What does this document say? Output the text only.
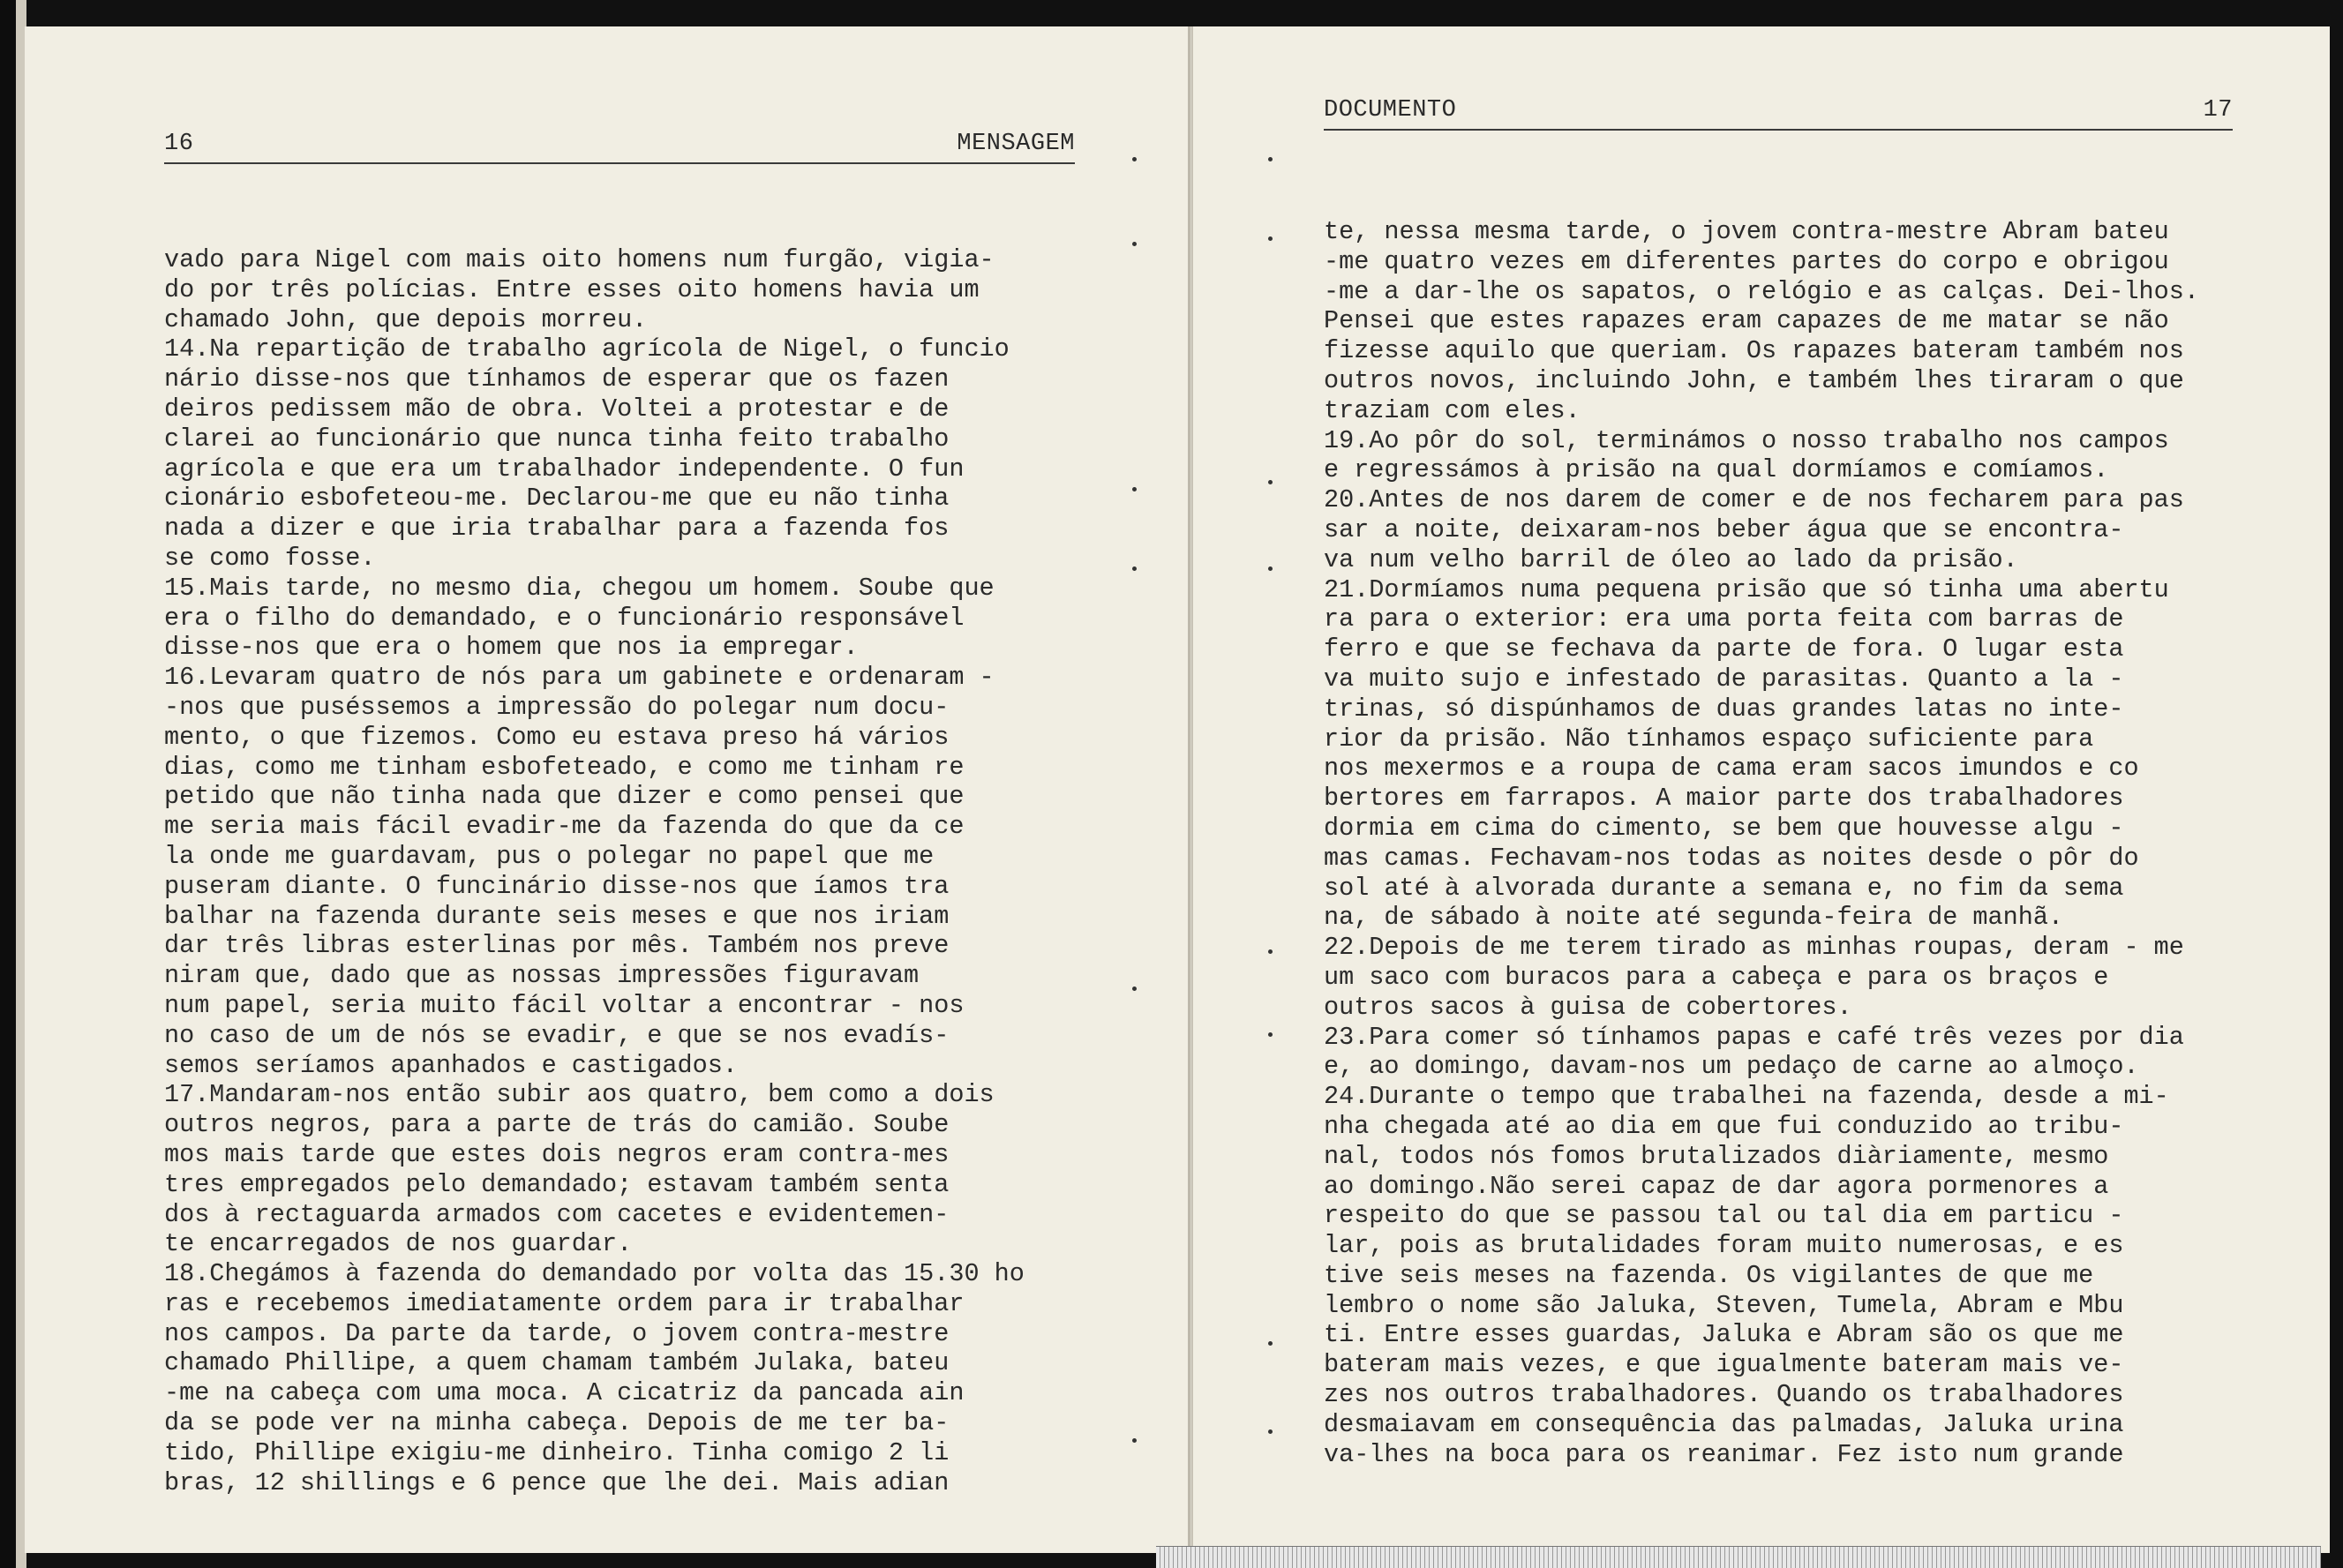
16	MENSAGEM
vado para Nigel com mais oito homens num furgão, vigia-
do por três polícias. Entre esses oito homens havia um
chamado John, que depois morreu.
14.Na repartição de trabalho agrícola de Nigel, o funcio
nário disse-nos que tínhamos de esperar que os fazen
deiros pedissem mão de obra. Voltei a protestar e de
clarei ao funcionário que nunca tinha feito trabalho
agrícola e que era um trabalhador independente. O fun
cionário esbofeteou-me. Declarou-me que eu não tinha
nada a dizer e que iria trabalhar para a fazenda fos
se como fosse.
15.Mais tarde, no mesmo dia, chegou um homem. Soube que
era o filho do demandado, e o funcionário responsável
disse-nos que era o homem que nos ia empregar.
16.Levaram quatro de nós para um gabinete e ordenaram -
-nos que puséssemos a impressão do polegar num docu-
mento, o que fizemos. Como eu estava preso há vários
dias, como me tinham esbofeteado, e como me tinham re
petido que não tinha nada que dizer e como pensei que
me seria mais fácil evadir-me da fazenda do que da ce
la onde me guardavam, pus o polegar no papel que me
puseram diante. O funcinário disse-nos que íamos tra
balhar na fazenda durante seis meses e que nos iriam
dar três libras esterlinas por mês. Também nos preve
niram que, dado que as nossas impressões figuravam
num papel, seria muito fácil voltar a encontrar - nos
no caso de um de nós se evadir, e que se nos evadís-
semos seríamos apanhados e castigados.
17.Mandaram-nos então subir aos quatro, bem como a dois
outros negros, para a parte de trás do camião. Soube
mos mais tarde que estes dois negros eram contra-mes
tres empregados pelo demandado; estavam também senta
dos à rectaguarda armados com cacetes e evidentemen-
te encarregados de nos guardar.
18.Chegámos à fazenda do demandado por volta das 15.30 ho
ras e recebemos imediatamente ordem para ir trabalhar
nos campos. Da parte da tarde, o jovem contra-mestre
chamado Phillipe, a quem chamam também Julaka, bateu
-me na cabeça com uma moca. A cicatriz da pancada ain
da se pode ver na minha cabeça. Depois de me ter ba-
tido, Phillipe exigiu-me dinheiro. Tinha comigo 2 li
bras, 12 shillings e 6 pence que lhe dei. Mais adian
DOCUMENTO	17
te, nessa mesma tarde, o jovem contra-mestre Abram bateu
-me quatro vezes em diferentes partes do corpo e obrigou
-me a dar-lhe os sapatos, o relógio e as calças. Dei-lhos.
Pensei que estes rapazes eram capazes de me matar se não
fizesse aquilo que queriam. Os rapazes bateram também nos
outros novos, incluindo John, e também lhes tiraram o que
traziam com eles.
19.Ao pôr do sol, terminámos o nosso trabalho nos campos
e regressámos à prisão na qual dormíamos e comíamos.
20.Antes de nos darem de comer e de nos fecharem para pas
sar a noite, deixaram-nos beber água que se encontra-
va num velho barril de óleo ao lado da prisão.
21.Dormíamos numa pequena prisão que só tinha uma abertu
ra para o exterior: era uma porta feita com barras de
ferro e que se fechava da parte de fora. O lugar esta
va muito sujo e infestado de parasitas. Quanto a la -
trinas, só dispúnhamos de duas grandes latas no inte-
rior da prisão. Não tínhamos espaço suficiente para
nos mexermos e a roupa de cama eram sacos imundos e co
bertores em farrapos. A maior parte dos trabalhadores
dormia em cima do cimento, se bem que houvesse algu -
mas camas. Fechavam-nos todas as noites desde o pôr do
sol até à alvorada durante a semana e, no fim da sema
na, de sábado à noite até segunda-feira de manhã.
22.Depois de me terem tirado as minhas roupas, deram - me
um saco com buracos para a cabeça e para os braços e
outros sacos à guisa de cobertores.
23.Para comer só tínhamos papas e café três vezes por dia
e, ao domingo, davam-nos um pedaço de carne ao almoço.
24.Durante o tempo que trabalhei na fazenda, desde a mi-
nha chegada até ao dia em que fui conduzido ao tribu-
nal, todos nós fomos brutalizados diàriamente, mesmo
ao domingo.Não serei capaz de dar agora pormenores a
respeito do que se passou tal ou tal dia em particu -
lar, pois as brutalidades foram muito numerosas, e es
tive seis meses na fazenda. Os vigilantes de que me
lembro o nome são Jaluka, Steven, Tumela, Abram e Mbu
ti. Entre esses guardas, Jaluka e Abram são os que me
bateram mais vezes, e que igualmente bateram mais ve-
zes nos outros trabalhadores. Quando os trabalhadores
desmaiavam em consequência das palmadas, Jaluka urina
va-lhes na boca para os reanimar. Fez isto num grande
